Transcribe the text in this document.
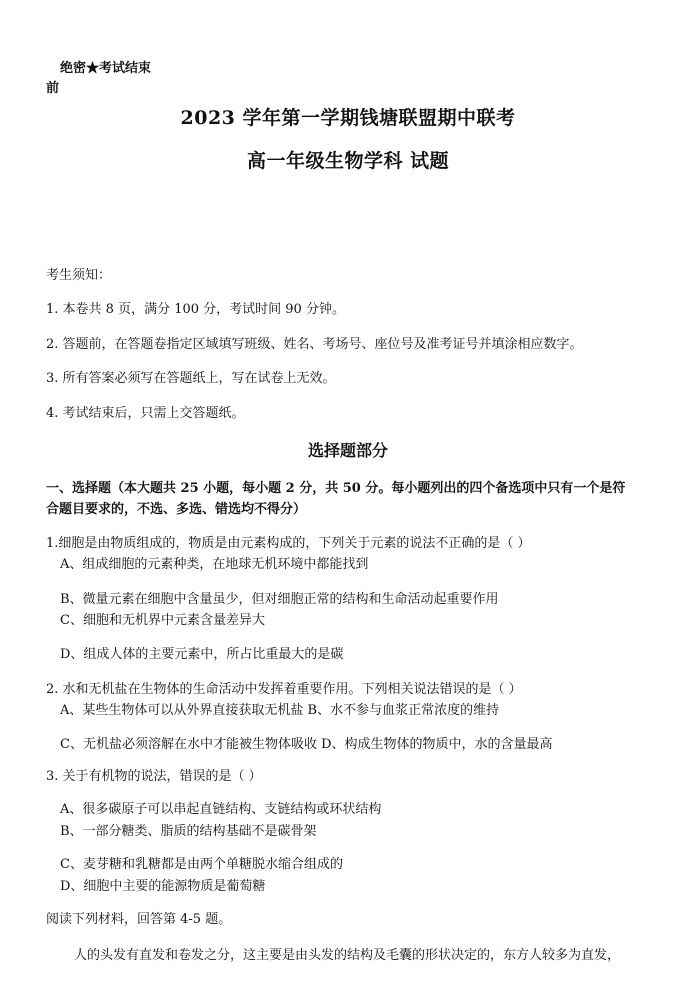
绝密★考试结束
前
2023 学年第一学期钱塘联盟期中联考
高一年级生物学科 试题
考生须知：
1. 本卷共 8 页，满分 100 分，考试时间 90 分钟。
2. 答题前，在答题卷指定区域填写班级、姓名、考场号、座位号及准考证号并填涂相应数字。
3. 所有答案必须写在答题纸上，写在试卷上无效。
4. 考试结束后，只需上交答题纸。
选择题部分
一、选择题（本大题共 25 小题，每小题 2 分，共 50 分。每小题列出的四个备选项中只有一个是符
合题目要求的，不选、多选、错选均不得分）
1.细胞是由物质组成的，物质是由元素构成的，下列关于元素的说法不正确的是（ ）
A、组成细胞的元素种类，在地球无机环境中都能找到
B、微量元素在细胞中含量虽少，但对细胞正常的结构和生命活动起重要作用
C、细胞和无机界中元素含量差异大
D、组成人体的主要元素中，所占比重最大的是碳
2. 水和无机盐在生物体的生命活动中发挥着重要作用。下列相关说法错误的是（ ）
A、某些生物体可以从外界直接获取无机盐 B、水不参与血浆正常浓度的维持
C、无机盐必须溶解在水中才能被生物体吸收 D、构成生物体的物质中，水的含量最高
3. 关于有机物的说法，错误的是（ ）
A、很多碳原子可以串起直链结构、支链结构或环状结构
B、一部分糖类、脂质的结构基础不是碳骨架
C、麦芽糖和乳糖都是由两个单糖脱水缩合组成的
D、细胞中主要的能源物质是葡萄糖
阅读下列材料，回答第 4-5 题。
人的头发有直发和卷发之分，这主要是由头发的结构及毛囊的形状决定的，东方人较多为直发，
